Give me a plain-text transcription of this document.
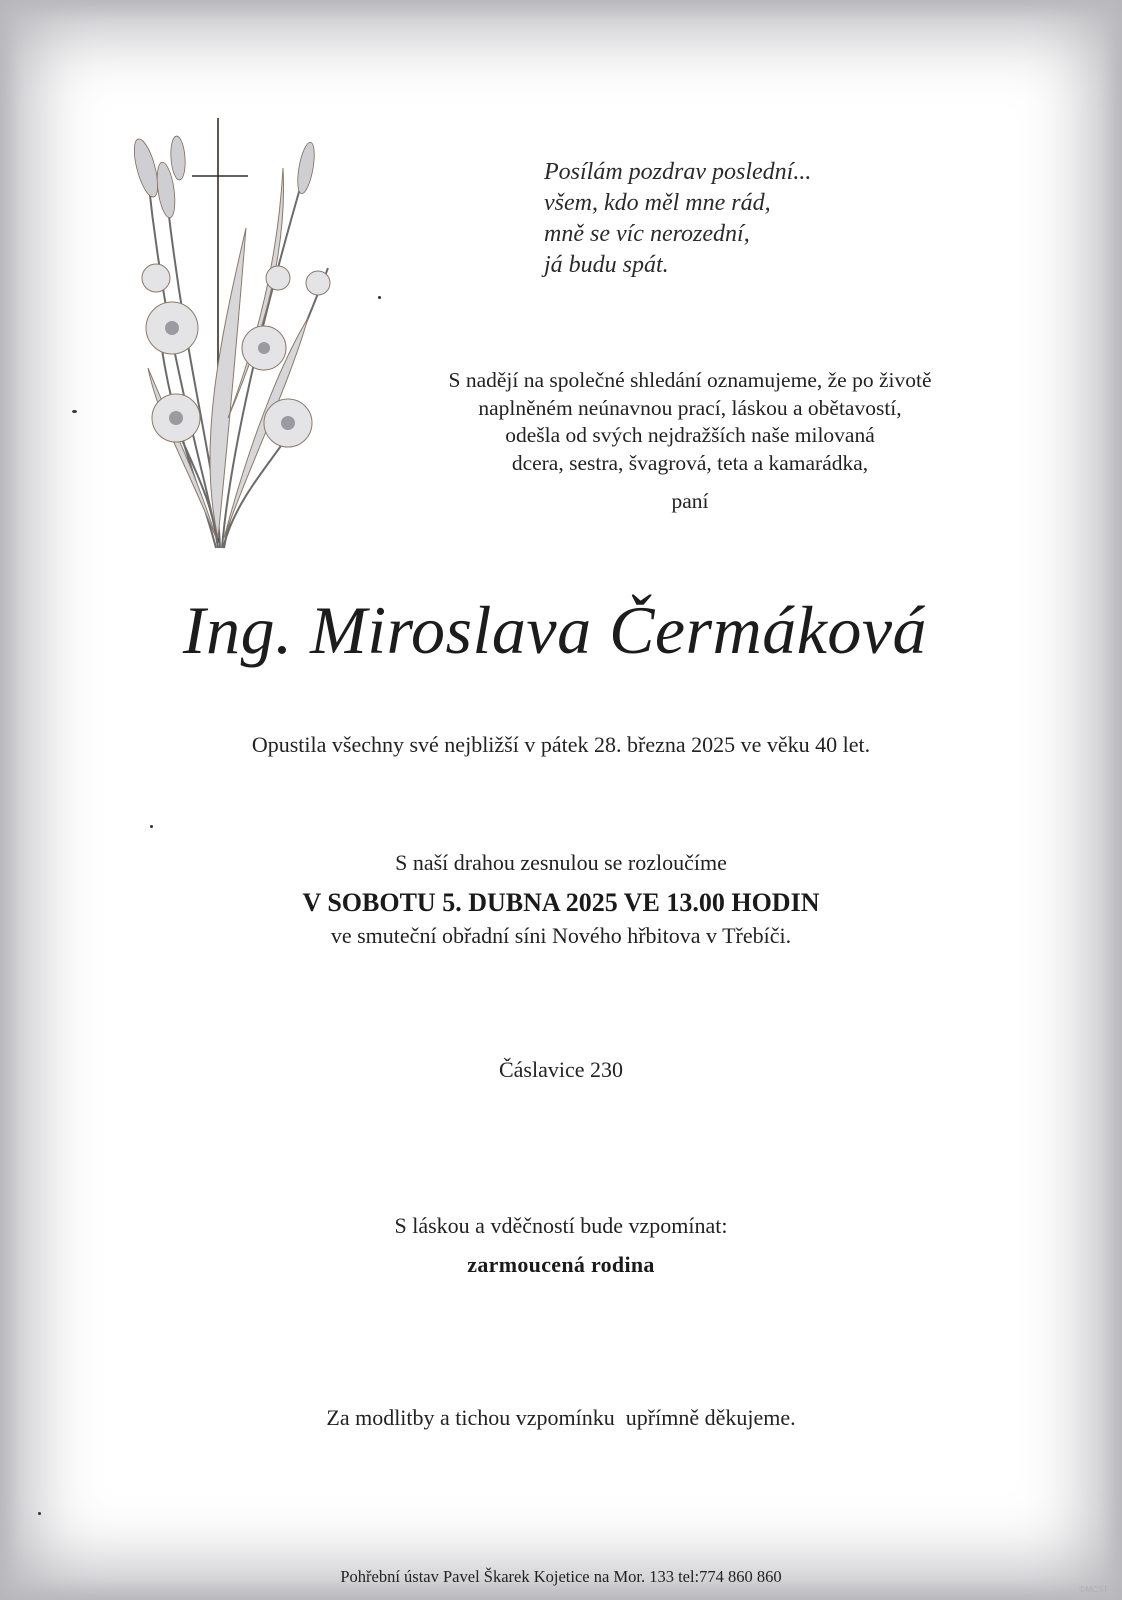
Posílám pozdrav poslední...
všem, kdo měl mne rád,
mně se víc nerozední,
já budu spát.
S nadějí na společné shledání oznamujeme, že po životě
naplněném neúnavnou prací, láskou a obětavostí,
odešla od svých nejdražších naše milovaná
dcera, sestra, švagrová, teta a kamarádka,
paní
Ing. Miroslava Čermáková
Opustila všechny své nejbližší v pátek 28. března 2025 ve věku 40 let.
S naší drahou zesnulou se rozloučíme
V SOBOTU 5. DUBNA 2025 VE 13.00 HODIN
ve smuteční obřadní síni Nového hřbitova v Třebíči.
Čáslavice 230
S láskou a vděčností bude vzpomínat:
zarmoucená rodina
Za modlitby a tichou vzpomínku  upřímně děkujeme.
Pohřební ústav Pavel Škarek Kojetice na Mor. 133 tel:774 860 860
©MCST
